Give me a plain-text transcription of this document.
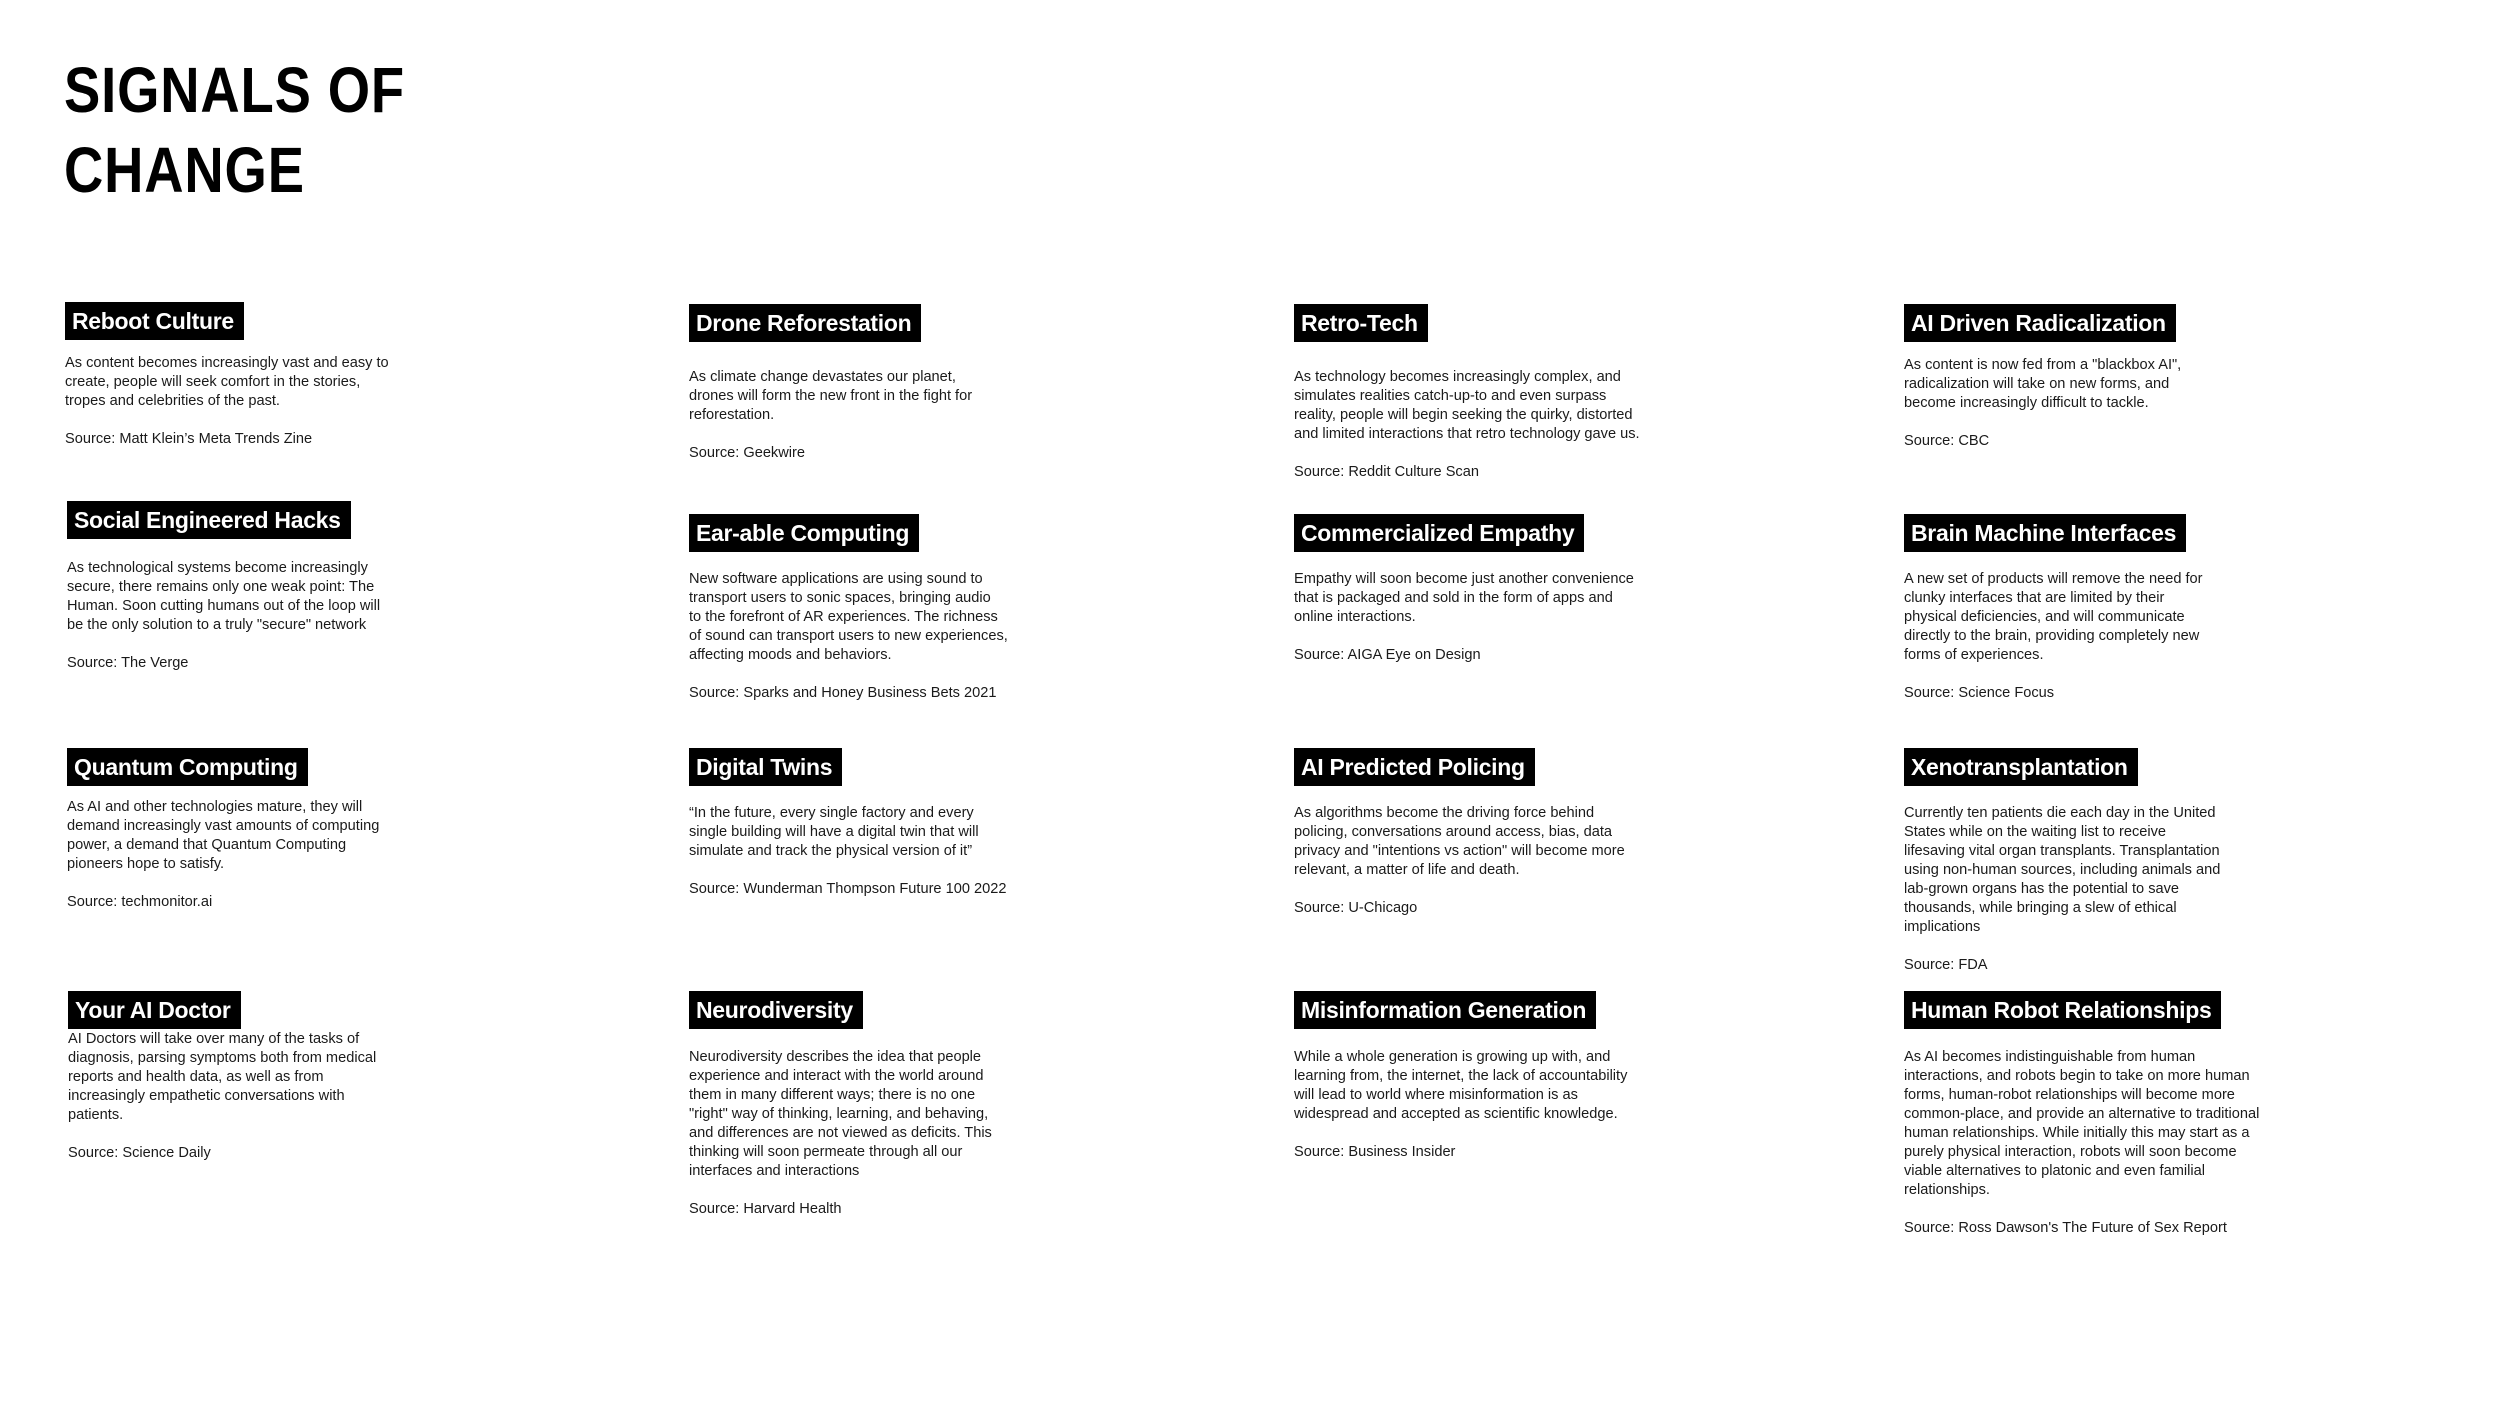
SIGNALS OF
CHANGE
Reboot Culture

As content becomes increasingly vast and easy to
create, people will seek comfort in the stories,
tropes and celebrities of the past.

Source: Matt Klein’s Meta Trends Zine

Drone Reforestation

As climate change devastates our planet,
drones will form the new front in the fight for
reforestation.

Source: Geekwire

Retro-Tech

As technology becomes increasingly complex, and
simulates realities catch-up-to and even surpass
reality, people will begin seeking the quirky, distorted
and limited interactions that retro technology gave us.

Source: Reddit Culture Scan

AI Driven Radicalization

As content is now fed from a "blackbox AI",
radicalization will take on new forms, and
become increasingly difficult to tackle.

Source: CBC

Social Engineered Hacks

As technological systems become increasingly
secure, there remains only one weak point: The
Human. Soon cutting humans out of the loop will
be the only solution to a truly "secure" network

Source: The Verge

Ear-able Computing

New software applications are using sound to
transport users to sonic spaces, bringing audio
to the forefront of AR experiences. The richness
of sound can transport users to new experiences,
affecting moods and behaviors.

Source: Sparks and Honey Business Bets 2021

Commercialized Empathy

Empathy will soon become just another convenience
that is packaged and sold in the form of apps and
online interactions.

Source: AIGA Eye on Design

Brain Machine Interfaces

A new set of products will remove the need for
clunky interfaces that are limited by their
physical deficiencies, and will communicate
directly to the brain, providing completely new
forms of experiences.

Source: Science Focus

Quantum Computing

As AI and other technologies mature, they will
demand increasingly vast amounts of computing
power, a demand that Quantum Computing
pioneers hope to satisfy.

Source: techmonitor.ai

Digital Twins

“In the future, every single factory and every
single building will have a digital twin that will
simulate and track the physical version of it”

Source: Wunderman Thompson Future 100 2022

AI Predicted Policing

As algorithms become the driving force behind
policing, conversations around access, bias, data
privacy and "intentions vs action" will become more
relevant, a matter of life and death.

Source: U-Chicago

Xenotransplantation

Currently ten patients die each day in the United
States while on the waiting list to receive
lifesaving vital organ transplants. Transplantation
using non-human sources, including animals and
lab-grown organs has the potential to save
thousands, while bringing a slew of ethical
implications

Source: FDA

Your AI Doctor

AI Doctors will take over many of the tasks of
diagnosis, parsing symptoms both from medical
reports and health data, as well as from
increasingly empathetic conversations with
patients.

Source: Science Daily

Neurodiversity

Neurodiversity describes the idea that people
experience and interact with the world around
them in many different ways; there is no one
"right" way of thinking, learning, and behaving,
and differences are not viewed as deficits. This
thinking will soon permeate through all our
interfaces and interactions

Source: Harvard Health

Misinformation Generation

While a whole generation is growing up with, and
learning from, the internet, the lack of accountability
will lead to world where misinformation is as
widespread and accepted as scientific knowledge.

Source: Business Insider

Human Robot Relationships

As AI becomes indistinguishable from human
interactions, and robots begin to take on more human
forms, human-robot relationships will become more
common-place, and provide an alternative to traditional
human relationships. While initially this may start as a
purely physical interaction, robots will soon become
viable alternatives to platonic and even familial
relationships.

Source: Ross Dawson's The Future of Sex Report
